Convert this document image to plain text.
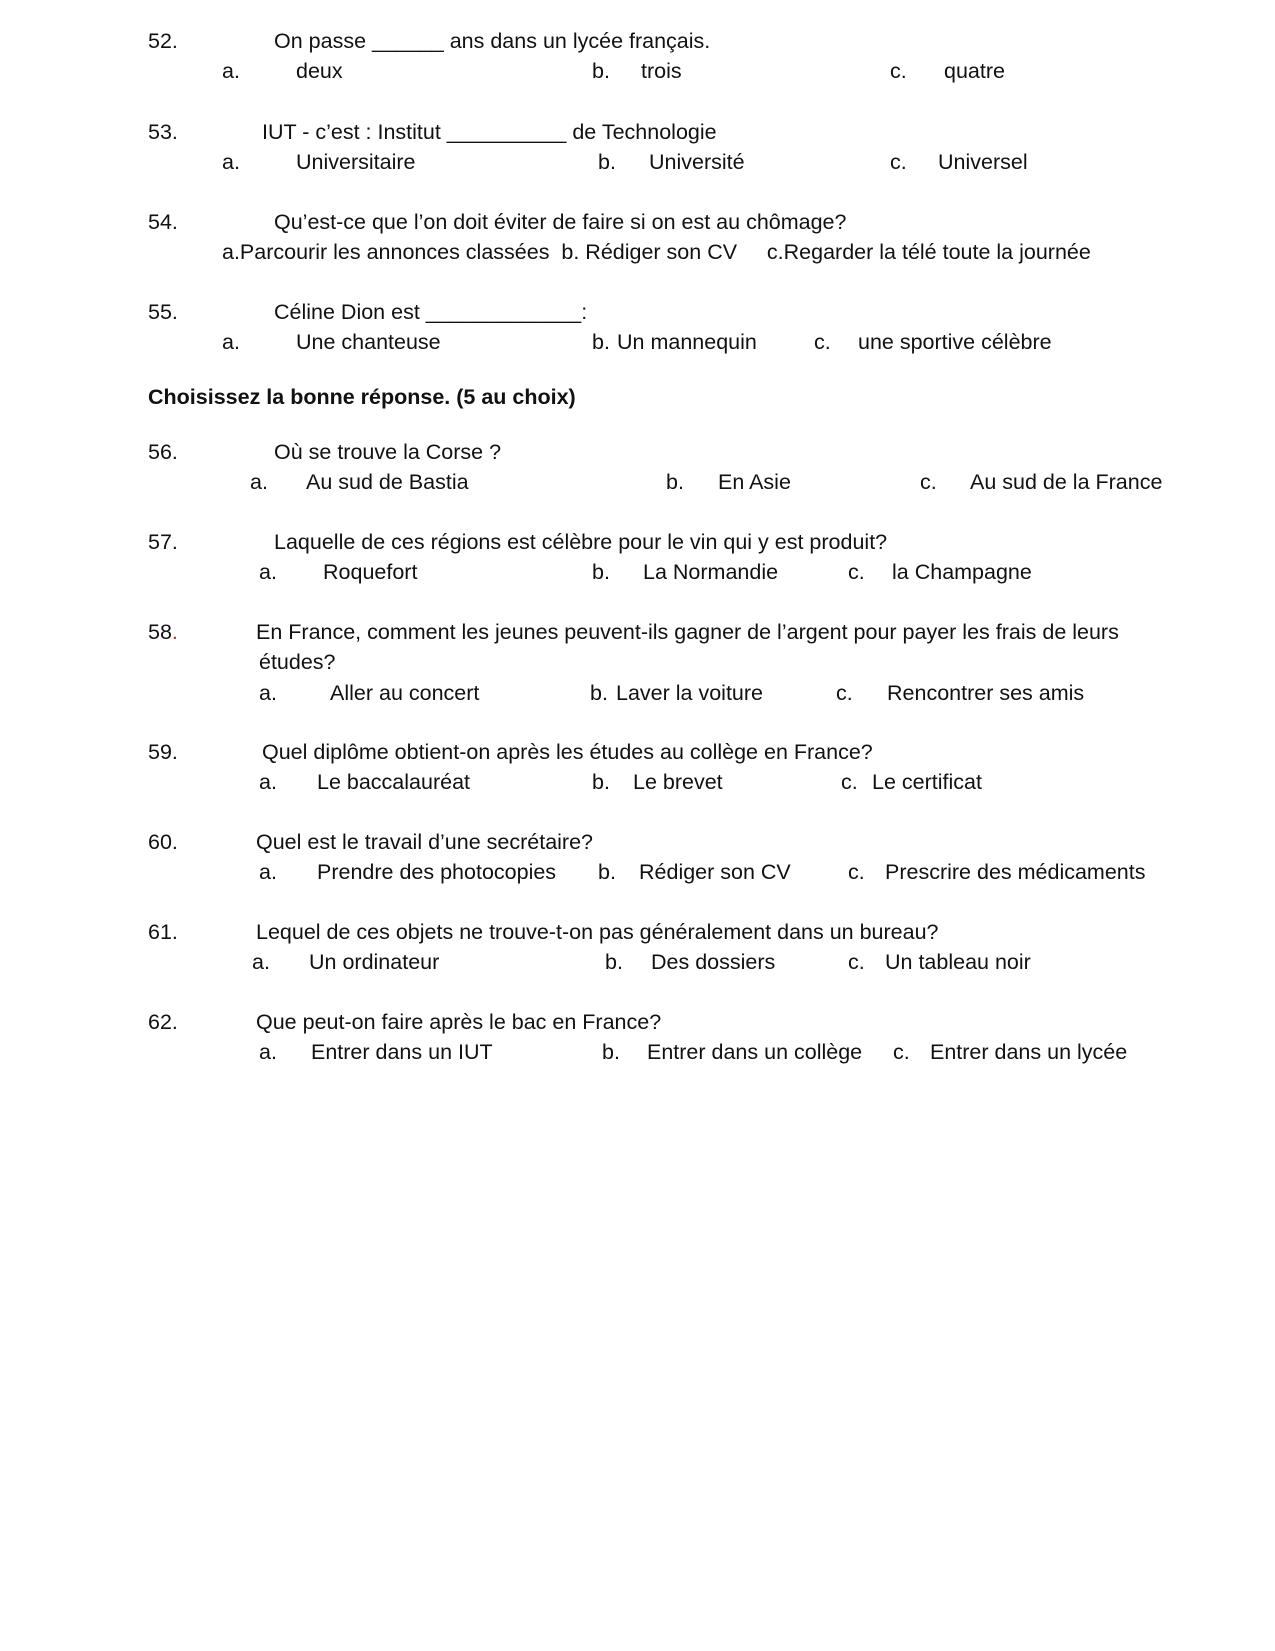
52.	On passe ______ ans dans un lycée français.
a.	deux	b. trois	c. quatre
53.	IUT - c’est : Institut __________ de Technologie
a.	Universitaire	b. Université	c. Universel
54.	Qu’est-ce que l’on doit éviter de faire si on est au chômage?
a.Parcourir les annonces classées  b. Rédiger son CV     c.Regarder la télé toute la journée
55.	Céline Dion est _____________:
a.	Une chanteuse	b. Un mannequin	c. une sportive célèbre
Choisissez la bonne réponse. (5 au choix)
56.	Où se trouve la Corse ?
a. Au sud de Bastia	b. En Asie	c. Au sud de la France
57.	Laquelle de ces régions est célèbre pour le vin qui y est produit?
a. Roquefort	b. La Normandie	c. la Champagne
58.	En France, comment les jeunes peuvent-ils gagner de l’argent pour payer les frais de leurs
études?
a. Aller au concert	b. Laver la voiture	c. Rencontrer ses amis
59.	Quel diplôme obtient-on après les études au collège en France?
a. Le baccalauréat	b. Le brevet	c. Le certificat
60.	Quel est le travail d’une secrétaire?
a. Prendre des photocopies b. Rédiger son CV	c. Prescrire des médicaments
61.	Lequel de ces objets ne trouve-t-on pas généralement dans un bureau?
a. Un ordinateur	b. Des dossiers	c. Un tableau noir
62.	Que peut-on faire après le bac en France?
a. Entrer dans un IUT	b. Entrer dans un collège c. Entrer dans un lycée
